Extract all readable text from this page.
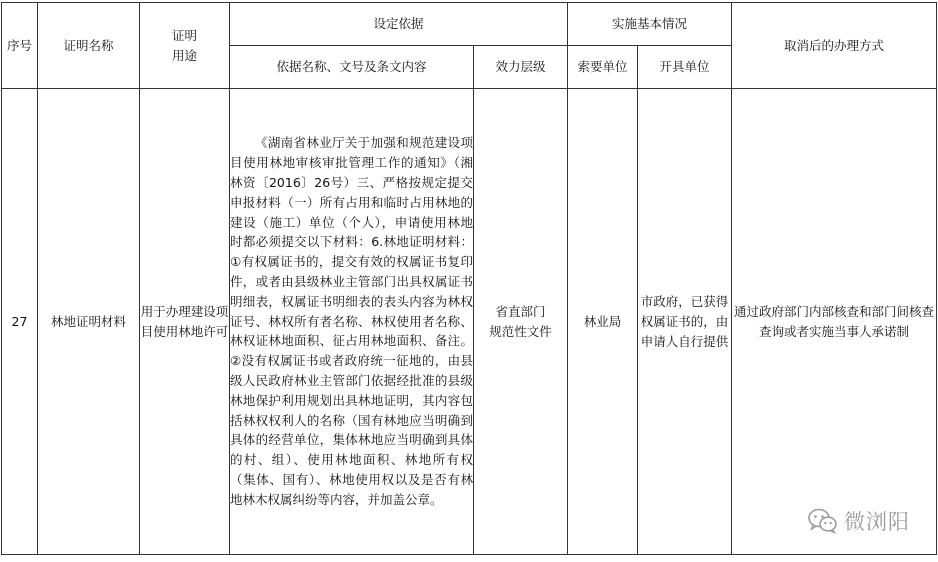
序号	证明名称	证明
用途	设定依据		实施基本情况		取消后的办理方式
			依据名称、文号及条文内容	效力层级	索要单位	开具单位	
27	林地证明材料	用于办理建设项目使用林地许可	《湖南省林业厅关于加强和规范建设项目使用林地审核审批管理工作的通知》（湘林资〔2016〕26号）三、严格按规定提交申报材料（一）所有占用和临时占用林地的建设（施工）单位（个人），申请使用林地时都必须提交以下材料：6.林地证明材料：①有权属证书的，提交有效的权属证书复印件，或者由县级林业主管部门出具权属证书明细表，权属证书明细表的表头内容为林权证号、林权所有者名称、林权使用者名称、林权证林地面积、征占用林地面积、备注。②没有权属证书或者政府统一征地的，由县级人民政府林业主管部门依据经批准的县级林地保护利用规划出具林地证明，其内容包括林权权利人的名称（国有林地应当明确到具体的经营单位，集体林地应当明确到具体的村、组）、使用林地面积、林地所有权（集体、国有）、林地使用权以及是否有林地林木权属纠纷等内容，并加盖公章。	省直部门
规范性文件	林业局	市政府，已获得权属证书的，由申请人自行提供	通过政府部门内部核查和部门间核查查询或者实施当事人承诺制
微浏阳
